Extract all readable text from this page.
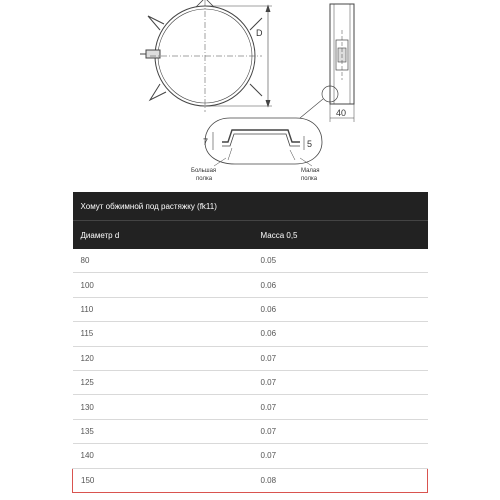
D
40
7	5
Большая
полка
Малая
полка
Хомут обжимной под растяжку (fk11)	
Диаметр d	Масса 0,5
80	0.05
100	0.06
110	0.06
115	0.06
120	0.07
125	0.07
130	0.07
135	0.07
140	0.07
150	0.08
